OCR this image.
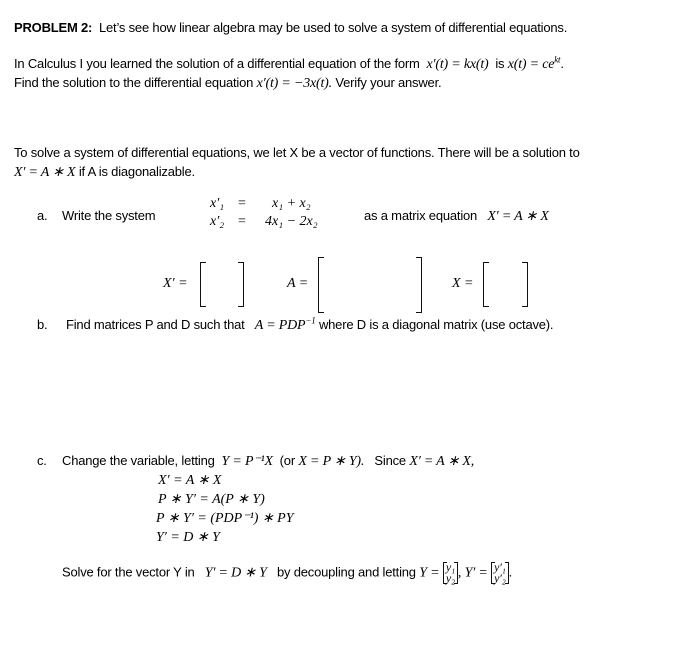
PROBLEM 2: Let’s see how linear algebra may be used to solve a system of differential equations.
In Calculus I you learned the solution of a differential equation of the form x′(t) = kx(t) is $x(t) = ce^{kt}$.
Find the solution to the differential equation x′(t) = −3x(t). Verify your answer.
To solve a system of differential equations, we let X be a vector of functions. There will be a solution to
X′ = A ∗ X if A is diagonalizable.
a. Write the system
x′₁ = x₁ + x₂
x′₂ = 4x₁ − 2x₂	as a matrix equation X′ = A ∗ X
X′ =	A =	X =
b. Find matrices P and D such that $A = PDP^{-1}$ where D is a diagonal matrix (use octave).
c. Change the variable, letting Y = P⁻¹X (or X = P ∗ Y). Since X′ = A ∗ X,
X′ = A ∗ X
P ∗ Y′ = A(P ∗ Y)
P ∗ Y′ = (PDP⁻¹) ∗ PY
Y′ = D ∗ Y
Solve for the vector Y in Y′ = D ∗ Y by decoupling and letting Y = y₁
y₂ , Y′ = y′₁
y′₂ .
